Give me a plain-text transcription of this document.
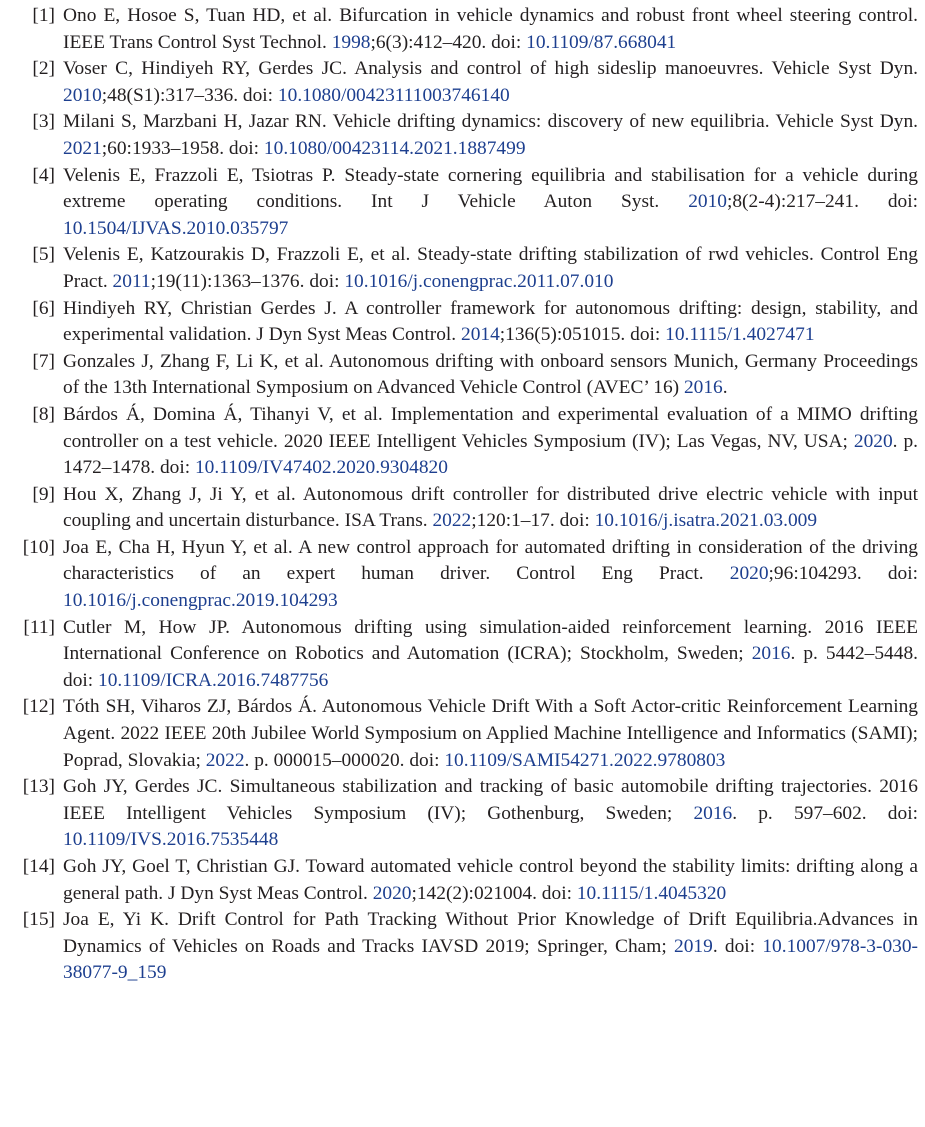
[1] Ono E, Hosoe S, Tuan HD, et al. Bifurcation in vehicle dynamics and robust front wheel steering control. IEEE Trans Control Syst Technol. 1998;6(3):412–420. doi: 10.1109/87.668041
[2] Voser C, Hindiyeh RY, Gerdes JC. Analysis and control of high sideslip manoeuvres. Vehicle Syst Dyn. 2010;48(S1):317–336. doi: 10.1080/00423111003746140
[3] Milani S, Marzbani H, Jazar RN. Vehicle drifting dynamics: discovery of new equilibria. Vehicle Syst Dyn. 2021;60:1933–1958. doi: 10.1080/00423114.2021.1887499
[4] Velenis E, Frazzoli E, Tsiotras P. Steady-state cornering equilibria and stabilisation for a vehicle during extreme operating conditions. Int J Vehicle Auton Syst. 2010;8(2-4):217–241. doi: 10.1504/IJVAS.2010.035797
[5] Velenis E, Katzourakis D, Frazzoli E, et al. Steady-state drifting stabilization of rwd vehicles. Control Eng Pract. 2011;19(11):1363–1376. doi: 10.1016/j.conengprac.2011.07.010
[6] Hindiyeh RY, Christian Gerdes J. A controller framework for autonomous drifting: design, stability, and experimental validation. J Dyn Syst Meas Control. 2014;136(5):051015. doi: 10.1115/1.4027471
[7] Gonzales J, Zhang F, Li K, et al. Autonomous drifting with onboard sensors Munich, Germany Proceedings of the 13th International Symposium on Advanced Vehicle Control (AVEC’ 16) 2016.
[8] Bárdos Á, Domina Á, Tihanyi V, et al. Implementation and experimental evaluation of a MIMO drifting controller on a test vehicle. 2020 IEEE Intelligent Vehicles Symposium (IV); Las Vegas, NV, USA; 2020. p. 1472–1478. doi: 10.1109/IV47402.2020.9304820
[9] Hou X, Zhang J, Ji Y, et al. Autonomous drift controller for distributed drive electric vehicle with input coupling and uncertain disturbance. ISA Trans. 2022;120:1–17. doi: 10.1016/j.isatra.2021.03.009
[10] Joa E, Cha H, Hyun Y, et al. A new control approach for automated drifting in consideration of the driving characteristics of an expert human driver. Control Eng Pract. 2020;96:104293. doi: 10.1016/j.conengprac.2019.104293
[11] Cutler M, How JP. Autonomous drifting using simulation-aided reinforcement learning. 2016 IEEE International Conference on Robotics and Automation (ICRA); Stockholm, Sweden; 2016. p. 5442–5448. doi: 10.1109/ICRA.2016.7487756
[12] Tóth SH, Viharos ZJ, Bárdos Á. Autonomous Vehicle Drift With a Soft Actor-critic Reinforcement Learning Agent. 2022 IEEE 20th Jubilee World Symposium on Applied Machine Intelligence and Informatics (SAMI); Poprad, Slovakia; 2022. p. 000015–000020. doi: 10.1109/SAMI54271.2022.9780803
[13] Goh JY, Gerdes JC. Simultaneous stabilization and tracking of basic automobile drifting trajectories. 2016 IEEE Intelligent Vehicles Symposium (IV); Gothenburg, Sweden; 2016. p. 597–602. doi: 10.1109/IVS.2016.7535448
[14] Goh JY, Goel T, Christian GJ. Toward automated vehicle control beyond the stability limits: drifting along a general path. J Dyn Syst Meas Control. 2020;142(2):021004. doi: 10.1115/1.4045320
[15] Joa E, Yi K. Drift Control for Path Tracking Without Prior Knowledge of Drift Equilibria.Advances in Dynamics of Vehicles on Roads and Tracks IAVSD 2019; Springer, Cham; 2019. doi: 10.1007/978-3-030-38077-9_159
